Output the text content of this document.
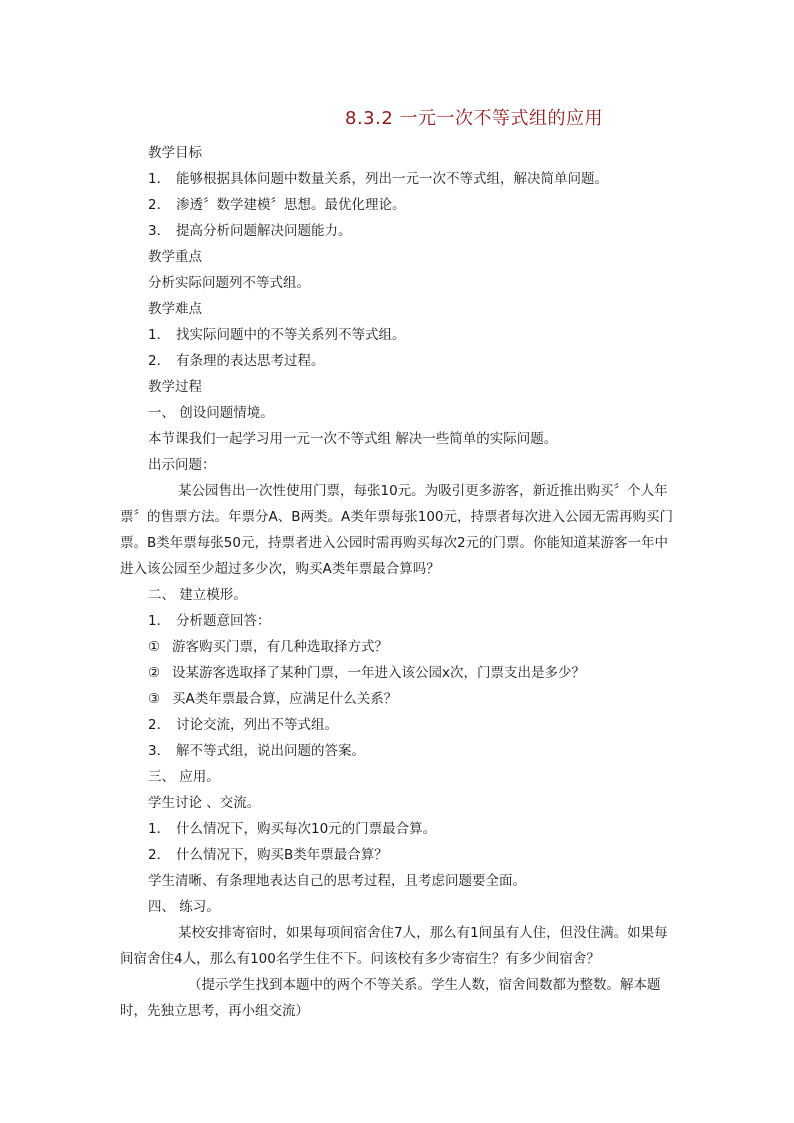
8.3.2 一元一次不等式组的应用
教学目标
1． 能够根据具体问题中数量关系，列出一元一次不等式组，解决简单问题。
2． 渗透〞数学建模〞思想。最优化理论。
3． 提高分析问题解决问题能力。
教学重点
分析实际问题列不等式组。
教学难点
1． 找实际问题中的不等关系列不等式组。
2． 有条理的表达思考过程。
教学过程
一、 创设问题情境。
本节课我们一起学习用一元一次不等式组 解决一些简单的实际问题。
出示问题：
某公园售出一次性使用门票，每张10元。为吸引更多游客，新近推出购买〞个人年票〞的售票方法。年票分A、B两类。A类年票每张100元，持票者每次进入公园无需再购买门票。B类年票每张50元，持票者进入公园时需再购买每次2元的门票。你能知道某游客一年中进入该公园至少超过多少次，购买A类年票最合算吗？
二、 建立模形。
1． 分析题意回答：
① 游客购买门票，有几种选取择方式？
② 设某游客选取择了某种门票，一年进入该公园x次，门票支出是多少？
③ 买A类年票最合算，应满足什么关系？
2． 讨论交流，列出不等式组。
3． 解不等式组，说出问题的答案。
三、 应用。
学生讨论 、交流。
1． 什么情况下，购买每次10元的门票最合算。
2． 什么情况下，购买B类年票最合算？
学生清晰、有条理地表达自己的思考过程，且考虑问题要全面。
四、 练习。
某校安排寄宿时，如果每项间宿舍住7人，那么有1间虽有人住，但没住满。如果每间宿舍住4人，那么有100名学生住不下。问该校有多少寄宿生？有多少间宿舍？
（提示学生找到本题中的两个不等关系。学生人数，宿舍间数都为整数。解本题时，先独立思考，再小组交流）
